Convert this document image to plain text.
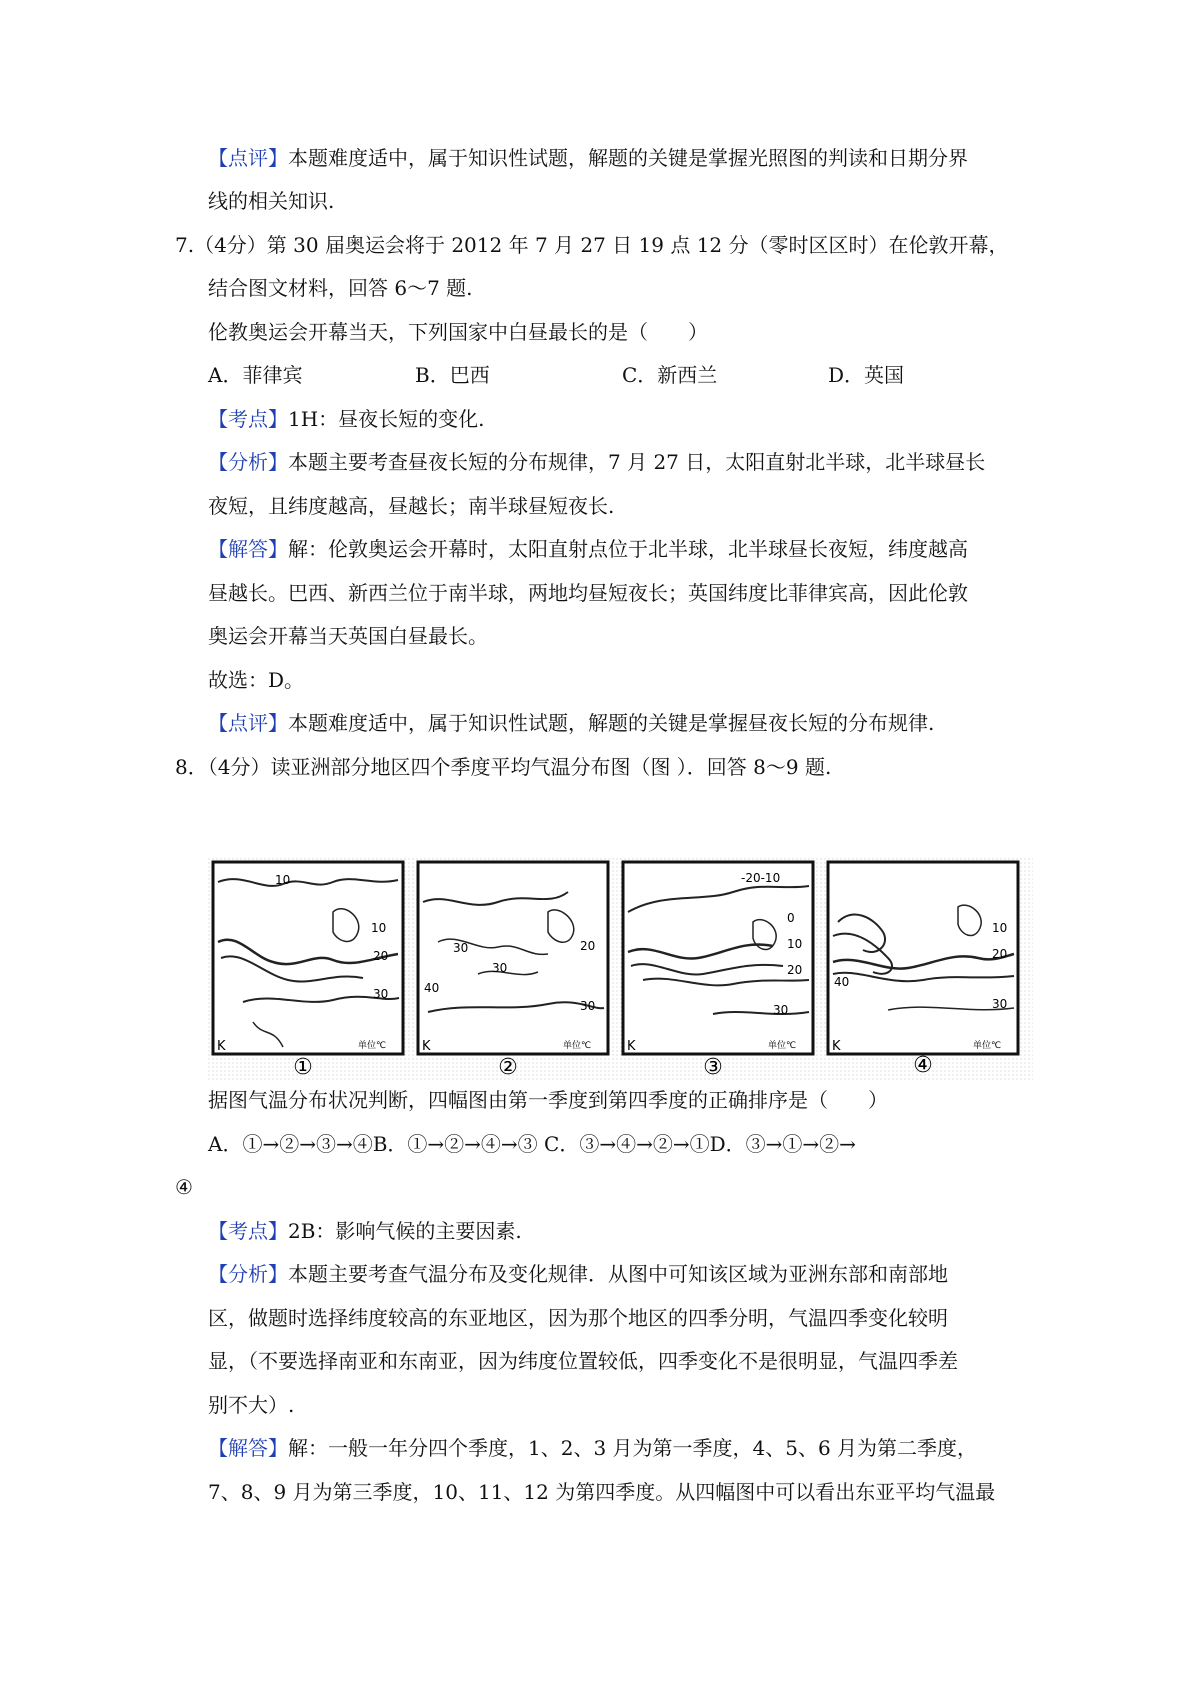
【点评】本题难度适中，属于知识性试题，解题的关键是掌握光照图的判读和日期分界
线的相关知识.
7.（4分）第 30 届奥运会将于 2012 年 7 月 27 日 19 点 12 分（零时区区时）在伦敦开幕，
结合图文材料，回答 6～7 题.
伦教奥运会开幕当天，下列国家中白昼最长的是（　　）
A．菲律宾	B．巴西	C．新西兰	D．英国
【考点】1H：昼夜长短的变化.
【分析】本题主要考查昼夜长短的分布规律，7 月 27 日，太阳直射北半球，北半球昼长
夜短，且纬度越高，昼越长；南半球昼短夜长.
【解答】解：伦敦奥运会开幕时，太阳直射点位于北半球，北半球昼长夜短，纬度越高
昼越长。巴西、新西兰位于南半球，两地均昼短夜长；英国纬度比菲律宾高，因此伦敦
奥运会开幕当天英国白昼最长。
故选：D。
【点评】本题难度适中，属于知识性试题，解题的关键是掌握昼夜长短的分布规律.
8．（4分）读亚洲部分地区四个季度平均气温分布图（图 ）．回答 8～9 题.
10
10
20
30
K	单位℃
30
30
40
20
30
K	单位℃
-20-10
0
10
20
30
K	单位℃
10
20
40
30
K	单位℃
①	②	③	④
据图气温分布状况判断，四幅图由第一季度到第四季度的正确排序是（　　）
A．①→②→③→④B．①→②→④→③ C．③→④→②→①D．③→①→②→
④
【考点】2B：影响气候的主要因素.
【分析】本题主要考查气温分布及变化规律．从图中可知该区域为亚洲东部和南部地
区，做题时选择纬度较高的东亚地区，因为那个地区的四季分明，气温四季变化较明
显，（不要选择南亚和东南亚，因为纬度位置较低，四季变化不是很明显，气温四季差
别不大）.
【解答】解：一般一年分四个季度，1、2、3 月为第一季度，4、5、6 月为第二季度，
7、8、9 月为第三季度，10、11、12 为第四季度。从四幅图中可以看出东亚平均气温最
